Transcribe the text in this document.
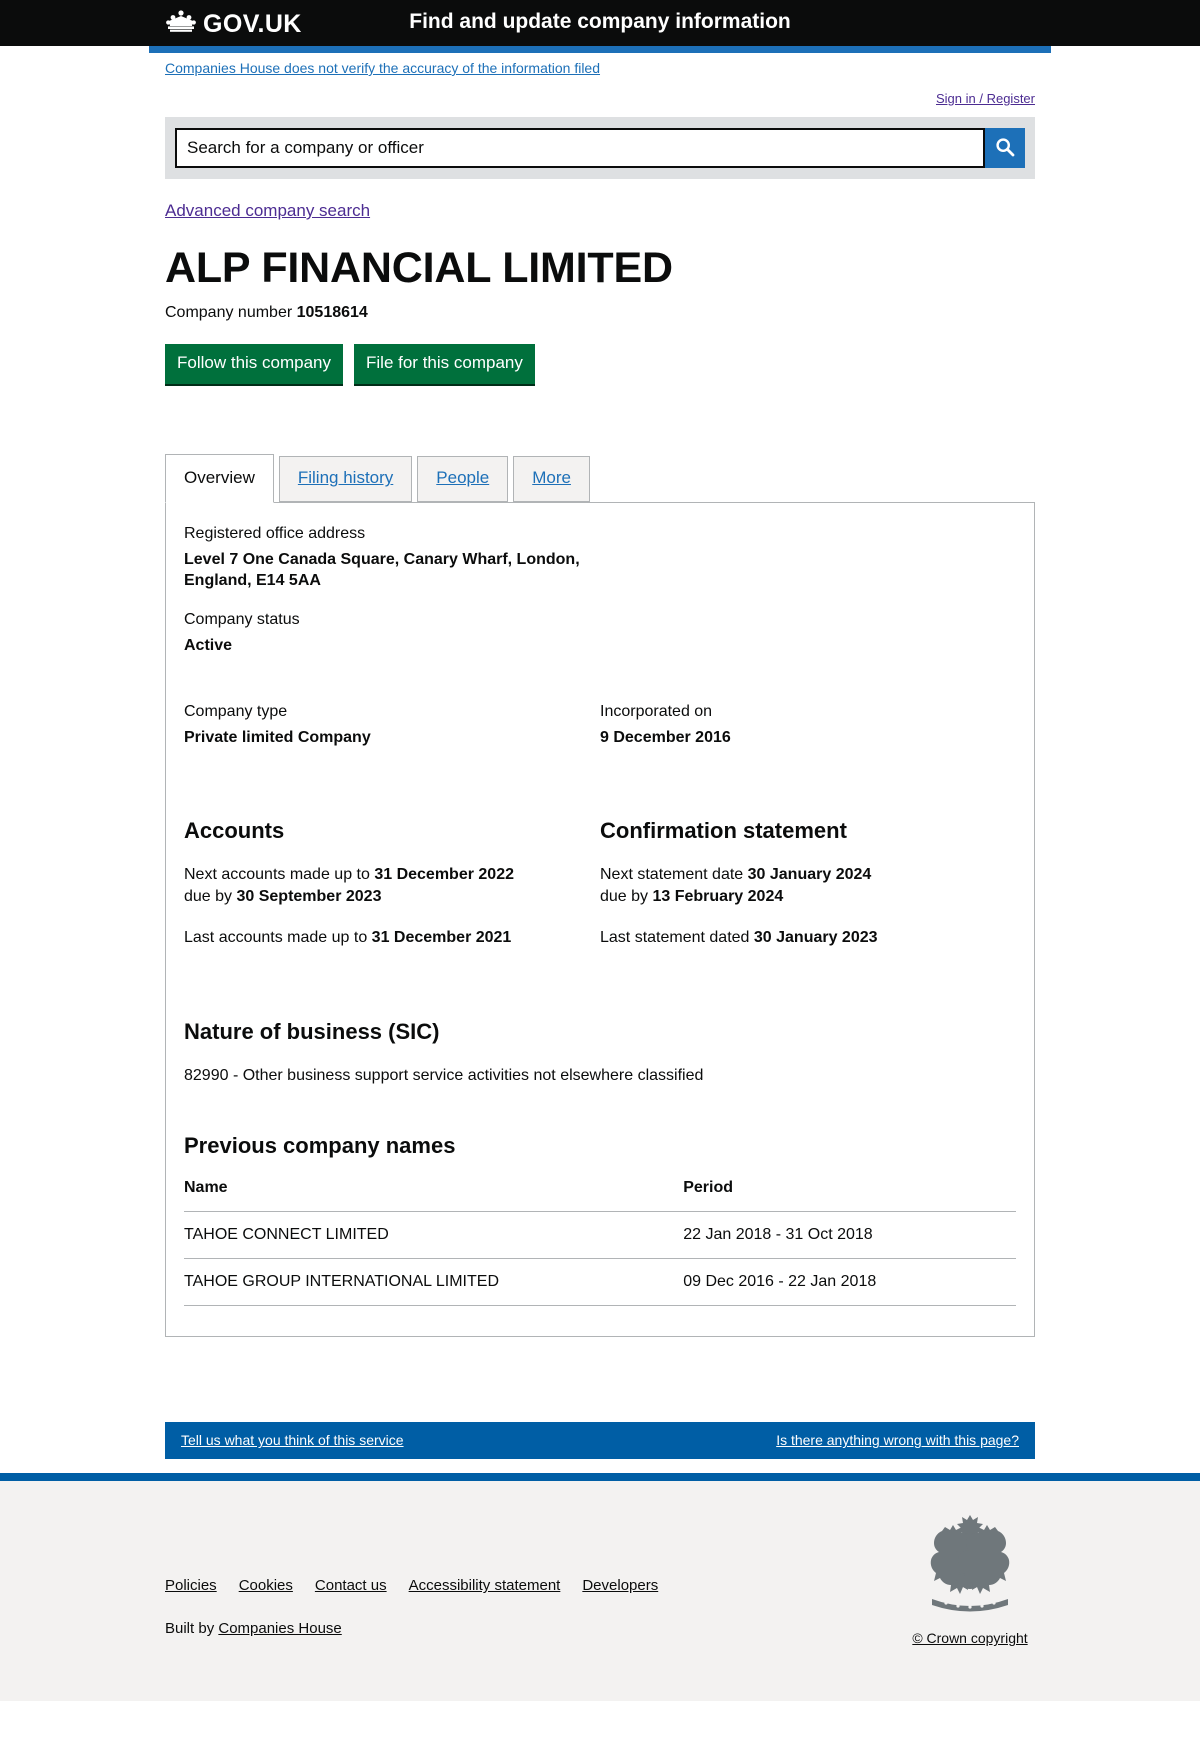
GOV.UK	Find and update company information
Companies House does not verify the accuracy of the information filed
Sign in / Register
Search for a company or officer
Advanced company search
ALP FINANCIAL LIMITED
Company number 10518614
Follow this company	File for this company
Overview	Filing history	People	More
Registered office address
Level 7 One Canada Square, Canary Wharf, London, England, E14 5AA
Company status
Active
Company type
Private limited Company
Incorporated on
9 December 2016
Accounts
Next accounts made up to 31 December 2022
due by 30 September 2023
Last accounts made up to 31 December 2021
Confirmation statement
Next statement date 30 January 2024
due by 13 February 2024
Last statement dated 30 January 2023
Nature of business (SIC)
82990 - Other business support service activities not elsewhere classified
Previous company names
Name	Period
TAHOE CONNECT LIMITED	22 Jan 2018 - 31 Oct 2018
TAHOE GROUP INTERNATIONAL LIMITED	09 Dec 2016 - 22 Jan 2018
Tell us what you think of this service	Is there anything wrong with this page?
Policies Cookies Contact us Accessibility statement Developers
Built by Companies House
© Crown copyright
